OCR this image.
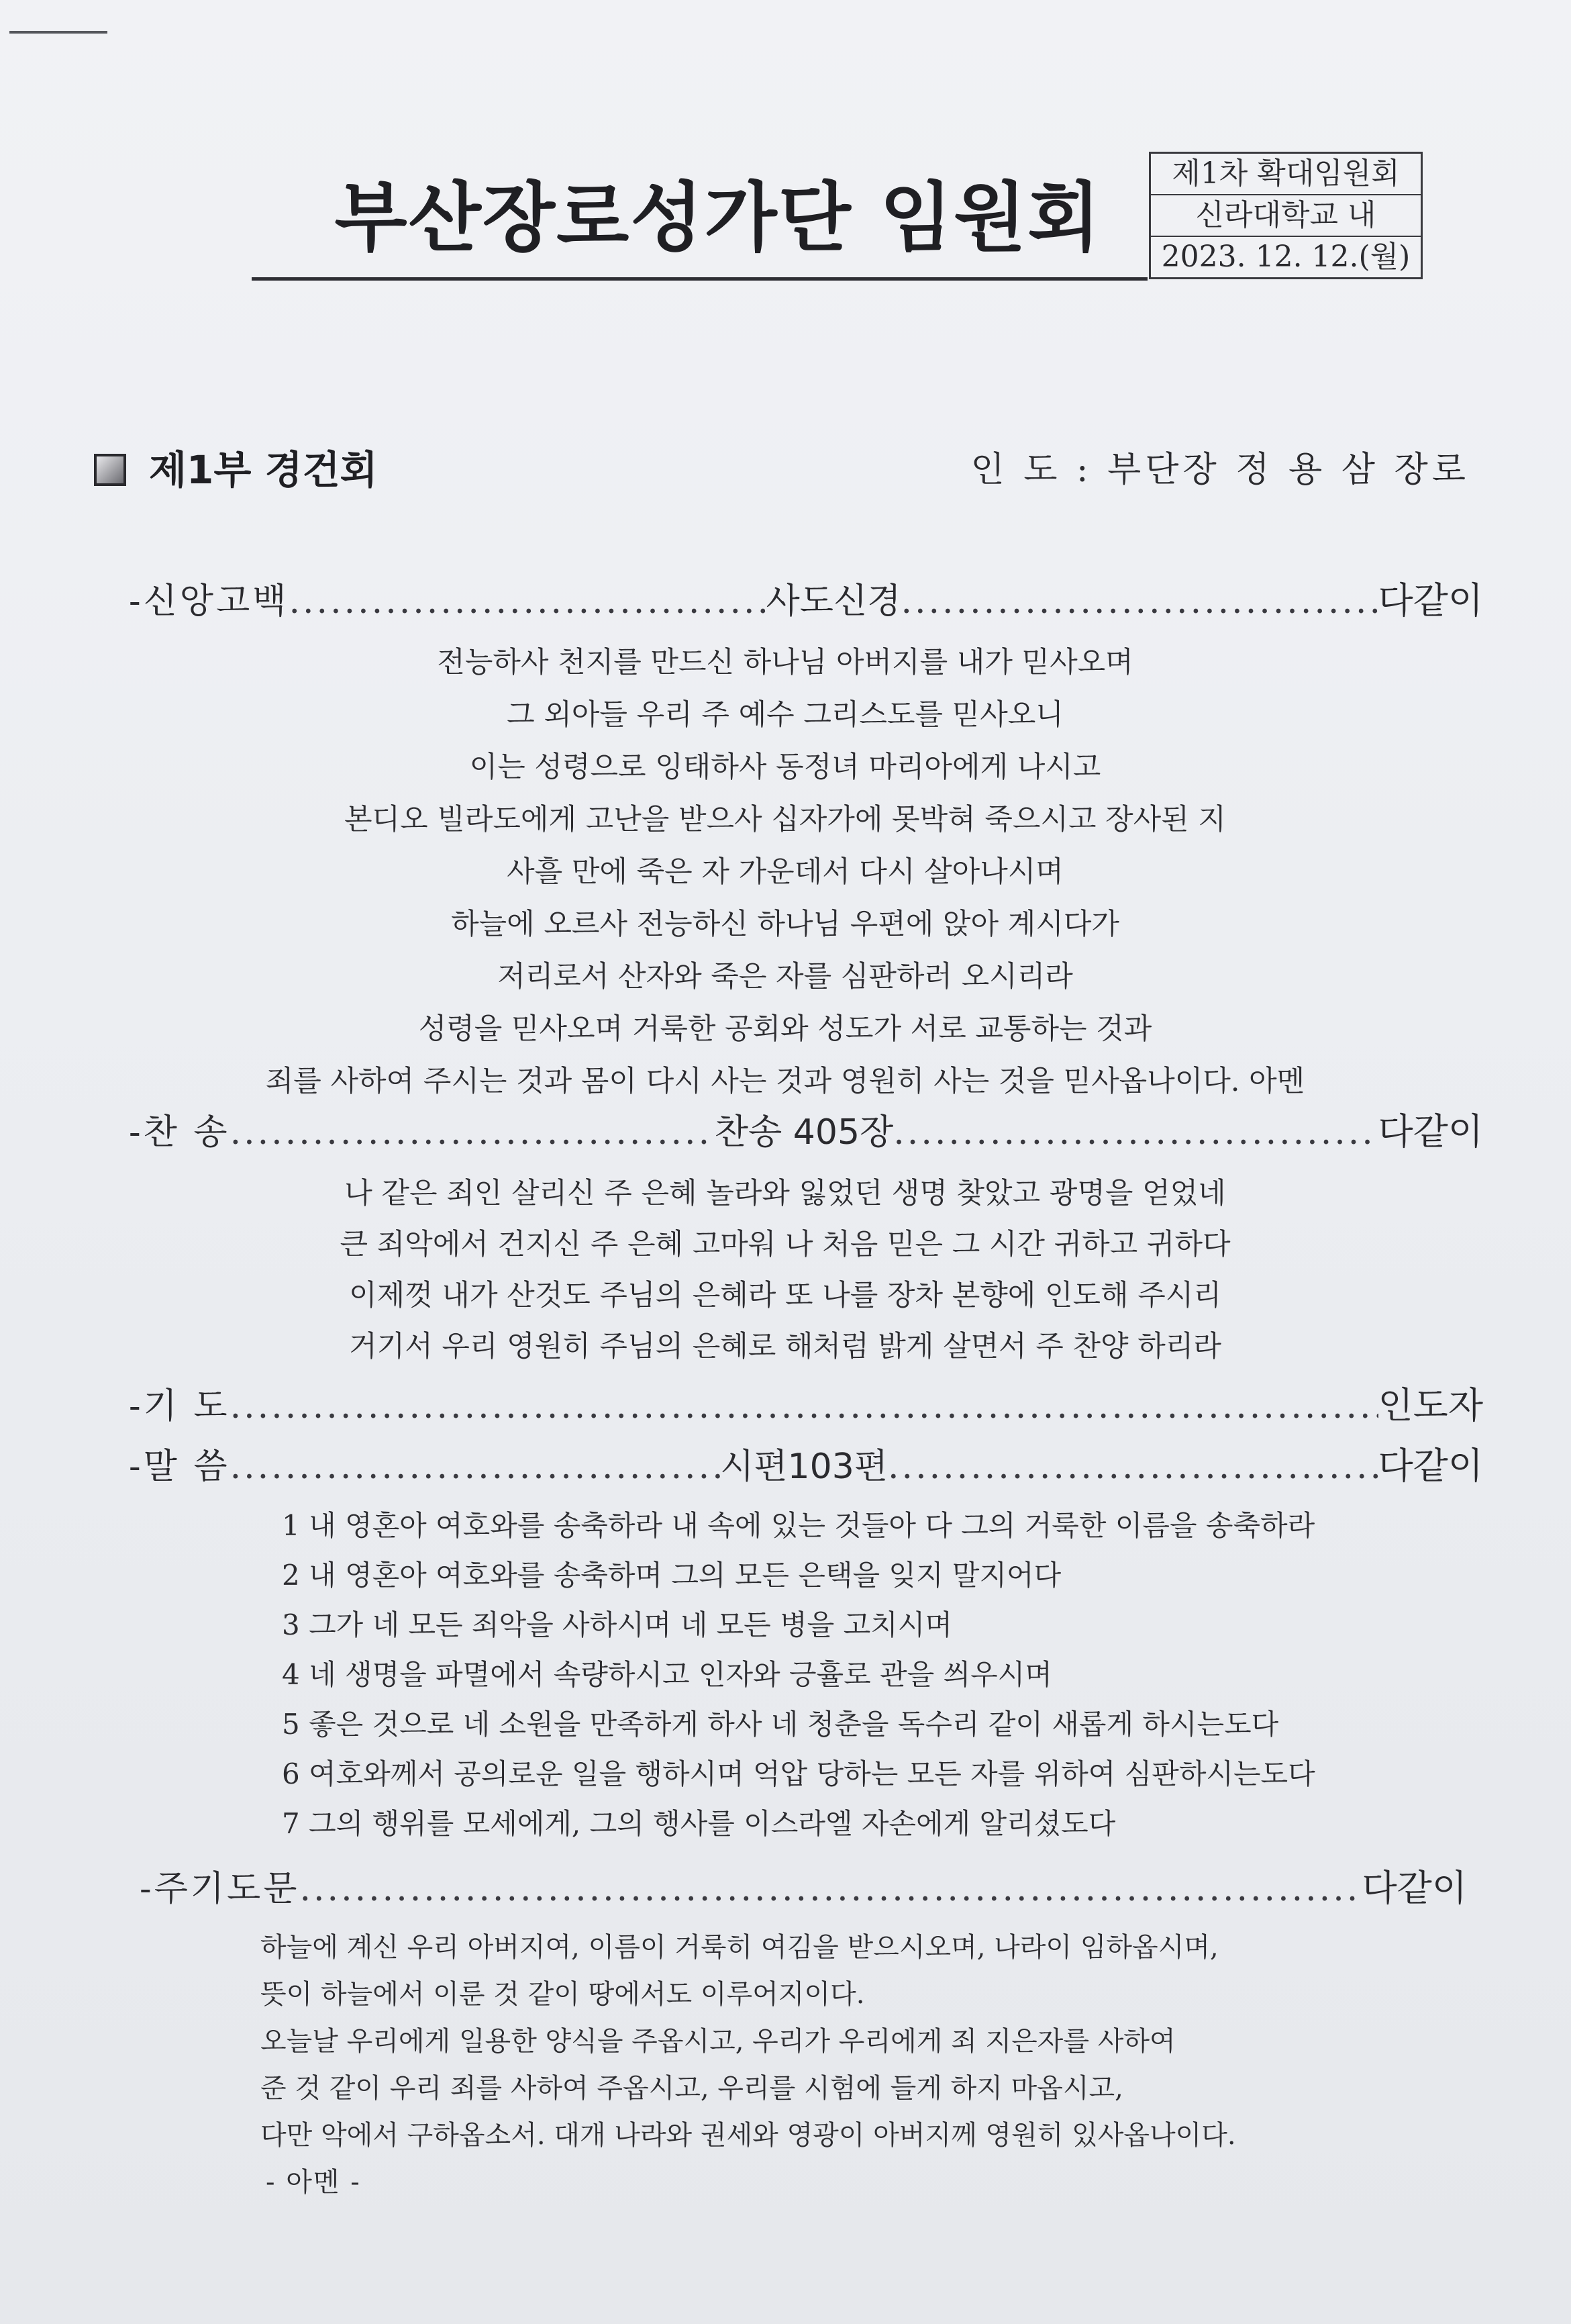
부산장로성가단 임원회
제1차 확대임원회
신라대학교 내
2023. 12. 12.(월)
제1부 경건회	인 도 : 부단장 정 용 삼 장로
-신앙고백 .....	사도신경 .....	다같이
전능하사 천지를 만드신 하나님 아버지를 내가 믿사오며
그 외아들 우리 주 예수 그리스도를 믿사오니
이는 성령으로 잉태하사 동정녀 마리아에게 나시고
본디오 빌라도에게 고난을 받으사 십자가에 못박혀 죽으시고 장사된 지
사흘 만에 죽은 자 가운데서 다시 살아나시며
하늘에 오르사 전능하신 하나님 우편에 앉아 계시다가
저리로서 산자와 죽은 자를 심판하러 오시리라
성령을 믿사오며 거룩한 공회와 성도가 서로 교통하는 것과
죄를 사하여 주시는 것과 몸이 다시 사는 것과 영원히 사는 것을 믿사옵나이다. 아멘
-찬 송 .....	찬송 405장 .....	다같이
나 같은 죄인 살리신 주 은혜 놀라와 잃었던 생명 찾았고 광명을 얻었네
큰 죄악에서 건지신 주 은혜 고마워 나 처음 믿은 그 시간 귀하고 귀하다
이제껏 내가 산것도 주님의 은혜라 또 나를 장차 본향에 인도해 주시리
거기서 우리 영원히 주님의 은혜로 해처럼 밝게 살면서 주 찬양 하리라
-기 도 .....	인도자
-말 씀 .....	시편103편 .....	다같이
1 내 영혼아 여호와를 송축하라 내 속에 있는 것들아 다 그의 거룩한 이름을 송축하라
2 내 영혼아 여호와를 송축하며 그의 모든 은택을 잊지 말지어다
3 그가 네 모든 죄악을 사하시며 네 모든 병을 고치시며
4 네 생명을 파멸에서 속량하시고 인자와 긍휼로 관을 씌우시며
5 좋은 것으로 네 소원을 만족하게 하사 네 청춘을 독수리 같이 새롭게 하시는도다
6 여호와께서 공의로운 일을 행하시며 억압 당하는 모든 자를 위하여 심판하시는도다
7 그의 행위를 모세에게, 그의 행사를 이스라엘 자손에게 알리셨도다
-주기도문 .....	다같이
하늘에 계신 우리 아버지여, 이름이 거룩히 여김을 받으시오며, 나라이 임하옵시며,
뜻이 하늘에서 이룬 것 같이 땅에서도 이루어지이다.
오늘날 우리에게 일용한 양식을 주옵시고, 우리가 우리에게 죄 지은자를 사하여
준 것 같이 우리 죄를 사하여 주옵시고, 우리를 시험에 들게 하지 마옵시고,
다만 악에서 구하옵소서. 대개 나라와 권세와 영광이 아버지께 영원히 있사옵나이다.
- 아멘 -
